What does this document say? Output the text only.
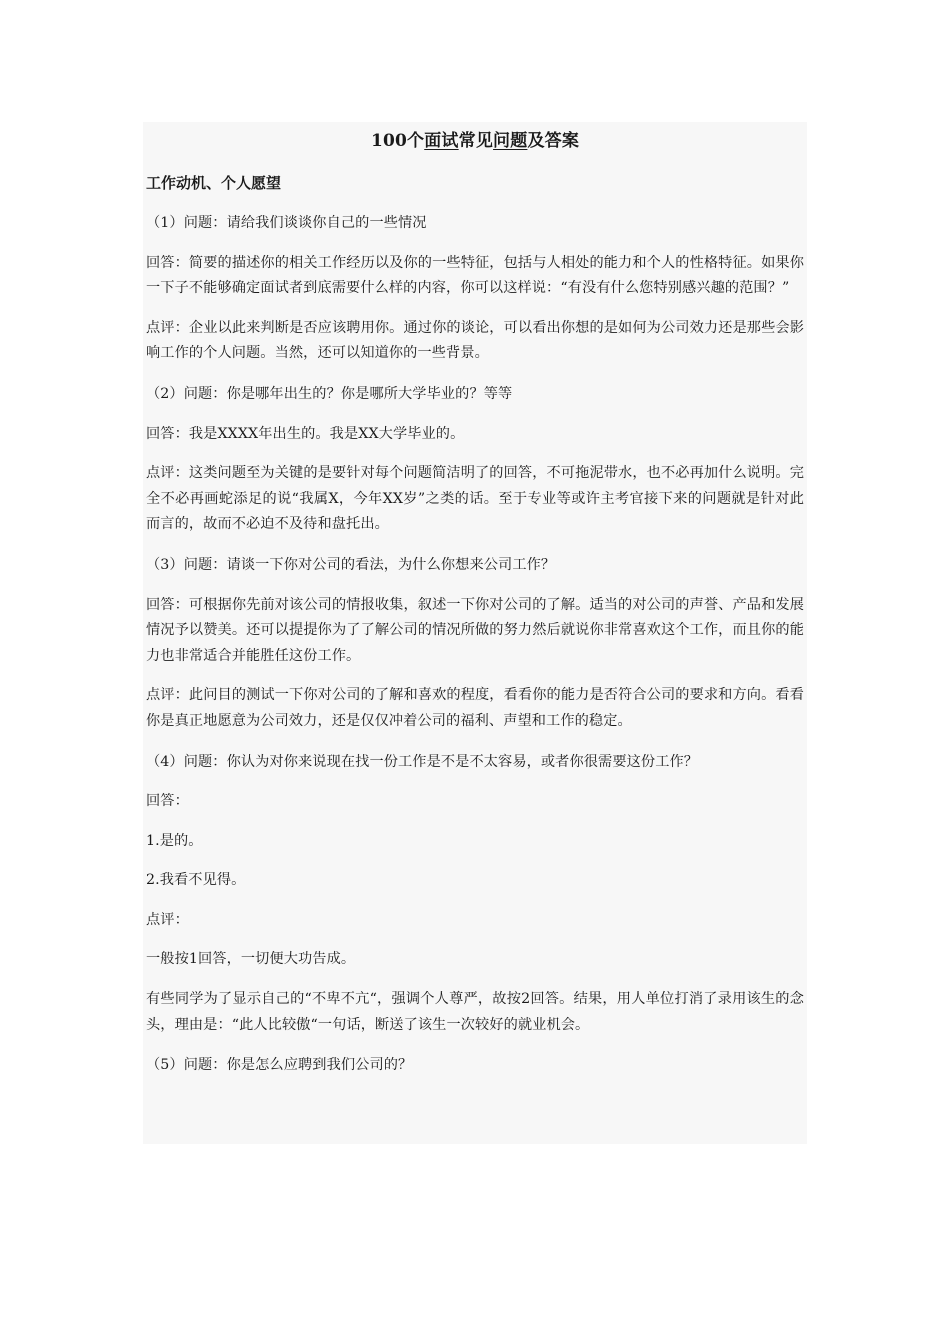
100个面试常见问题及答案
工作动机、个人愿望

（1）问题：请给我们谈谈你自己的一些情况

回答：简要的描述你的相关工作经历以及你的一些特征，包括与人相处的能力和个人的性格特征。如果你一下子不能够确定面试者到底需要什么样的内容，你可以这样说：“有没有什么您特别感兴趣的范围？”

点评：企业以此来判断是否应该聘用你。通过你的谈论，可以看出你想的是如何为公司效力还是那些会影响工作的个人问题。当然，还可以知道你的一些背景。

（2）问题：你是哪年出生的？你是哪所大学毕业的？等等

回答：我是XXXX年出生的。我是XX大学毕业的。

点评：这类问题至为关键的是要针对每个问题简洁明了的回答，不可拖泥带水，也不必再加什么说明。完全不必再画蛇添足的说“我属X，今年XX岁”之类的话。至于专业等或许主考官接下来的问题就是针对此而言的，故而不必迫不及待和盘托出。

（3）问题：请谈一下你对公司的看法，为什么你想来公司工作？

回答：可根据你先前对该公司的情报收集，叙述一下你对公司的了解。适当的对公司的声誉、产品和发展情况予以赞美。还可以提提你为了了解公司的情况所做的努力然后就说你非常喜欢这个工作，而且你的能力也非常适合并能胜任这份工作。

点评：此问目的测试一下你对公司的了解和喜欢的程度，看看你的能力是否符合公司的要求和方向。看看你是真正地愿意为公司效力，还是仅仅冲着公司的福利、声望和工作的稳定。

（4）问题：你认为对你来说现在找一份工作是不是不太容易，或者你很需要这份工作？

回答：

1.是的。

2.我看不见得。

点评：

一般按1回答，一切便大功告成。

有些同学为了显示自己的“不卑不亢“，强调个人尊严，故按2回答。结果，用人单位打消了录用该生的念头，理由是：“此人比较傲“一句话，断送了该生一次较好的就业机会。

（5）问题：你是怎么应聘到我们公司的？
